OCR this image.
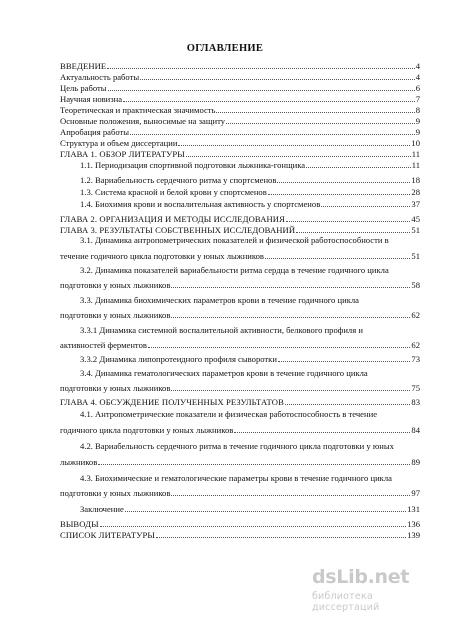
ОГЛАВЛЕНИЕ
ВВЕДЕНИЕ	4
Актуальность работы	4
Цель работы	6
Научная новизна	7
Теоретическая и практическая значимость	8
Основные положения, выносимые на защиту	9
Апробация работы	9
Структура и объем диссертации	10
ГЛАВА 1. ОБЗОР ЛИТЕРАТУРЫ	11
1.1. Периодизация спортивной подготовки лыжника-гонщика	11
1.2. Вариабельность сердечного ритма у спортсменов	18
1.3. Система красной и белой крови у спортсменов	28
1.4. Биохимия крови и воспалительная активность у спортсменов	37
ГЛАВА 2. ОРГАНИЗАЦИЯ И МЕТОДЫ ИССЛЕДОВАНИЯ	45
ГЛАВА 3. РЕЗУЛЬТАТЫ СОБСТВЕННЫХ ИССЛЕДОВАНИЙ	51
3.1. Динамика антропометрических показателей и физической работоспособности в
течение годичного цикла подготовки у юных лыжников	51
3.2. Динамика показателей вариабельности ритма сердца в течение годичного цикла
подготовки у юных лыжников	58
3.3. Динамика биохимических параметров крови в течение годичного цикла
подготовки у юных лыжников	62
3.3.1 Динамика системной воспалительной активности, белкового профиля и
активностей ферментов	62
3.3.2 Динамика липопротеидного профиля сыворотки	73
3.4. Динамика гематологических параметров крови в течение годичного цикла
подготовки у юных лыжников	75
ГЛАВА 4. ОБСУЖДЕНИЕ ПОЛУЧЕННЫХ РЕЗУЛЬТАТОВ	83
4.1. Антропометрические показатели и физическая работоспособность в течение
годичного цикла подготовки у юных лыжников	84
4.2. Вариабельность сердечного ритма в течение годичного цикла подготовки у юных
лыжников	89
4.3. Биохимические и гематологические параметры крови в течение годичного цикла
подготовки у юных лыжников	97
Заключение	131
ВЫВОДЫ	136
СПИСОК ЛИТЕРАТУРЫ	139
dsLib.net
библиотека диссертаций
